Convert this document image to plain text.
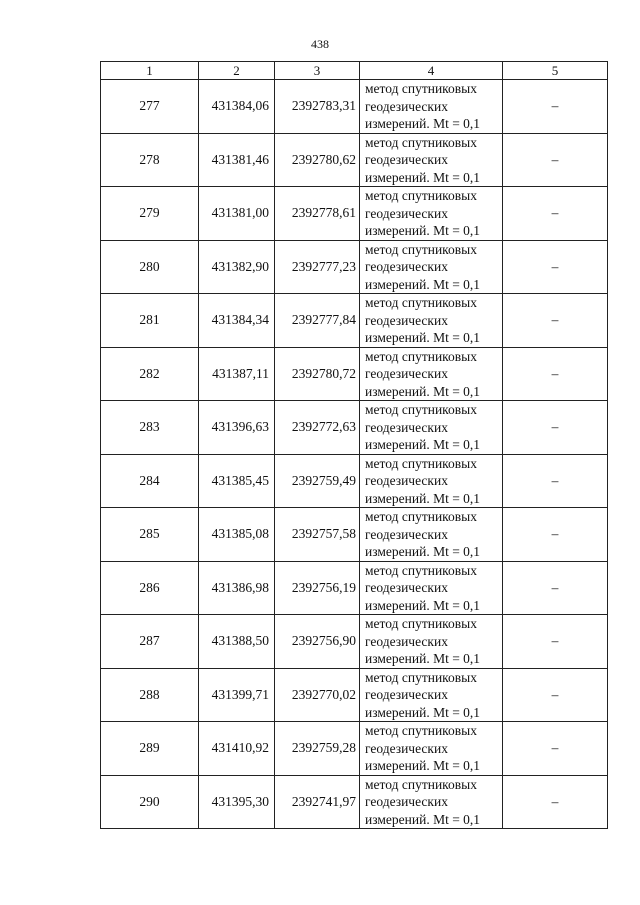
438
1	2	3	4	5
277	431384,06	2392783,31	метод спутниковых
геодезических
измерений. Mt = 0,1	–
278	431381,46	2392780,62	метод спутниковых
геодезических
измерений. Mt = 0,1	–
279	431381,00	2392778,61	метод спутниковых
геодезических
измерений. Mt = 0,1	–
280	431382,90	2392777,23	метод спутниковых
геодезических
измерений. Mt = 0,1	–
281	431384,34	2392777,84	метод спутниковых
геодезических
измерений. Mt = 0,1	–
282	431387,11	2392780,72	метод спутниковых
геодезических
измерений. Mt = 0,1	–
283	431396,63	2392772,63	метод спутниковых
геодезических
измерений. Mt = 0,1	–
284	431385,45	2392759,49	метод спутниковых
геодезических
измерений. Mt = 0,1	–
285	431385,08	2392757,58	метод спутниковых
геодезических
измерений. Mt = 0,1	–
286	431386,98	2392756,19	метод спутниковых
геодезических
измерений. Mt = 0,1	–
287	431388,50	2392756,90	метод спутниковых
геодезических
измерений. Mt = 0,1	–
288	431399,71	2392770,02	метод спутниковых
геодезических
измерений. Mt = 0,1	–
289	431410,92	2392759,28	метод спутниковых
геодезических
измерений. Mt = 0,1	–
290	431395,30	2392741,97	метод спутниковых
геодезических
измерений. Mt = 0,1	–
